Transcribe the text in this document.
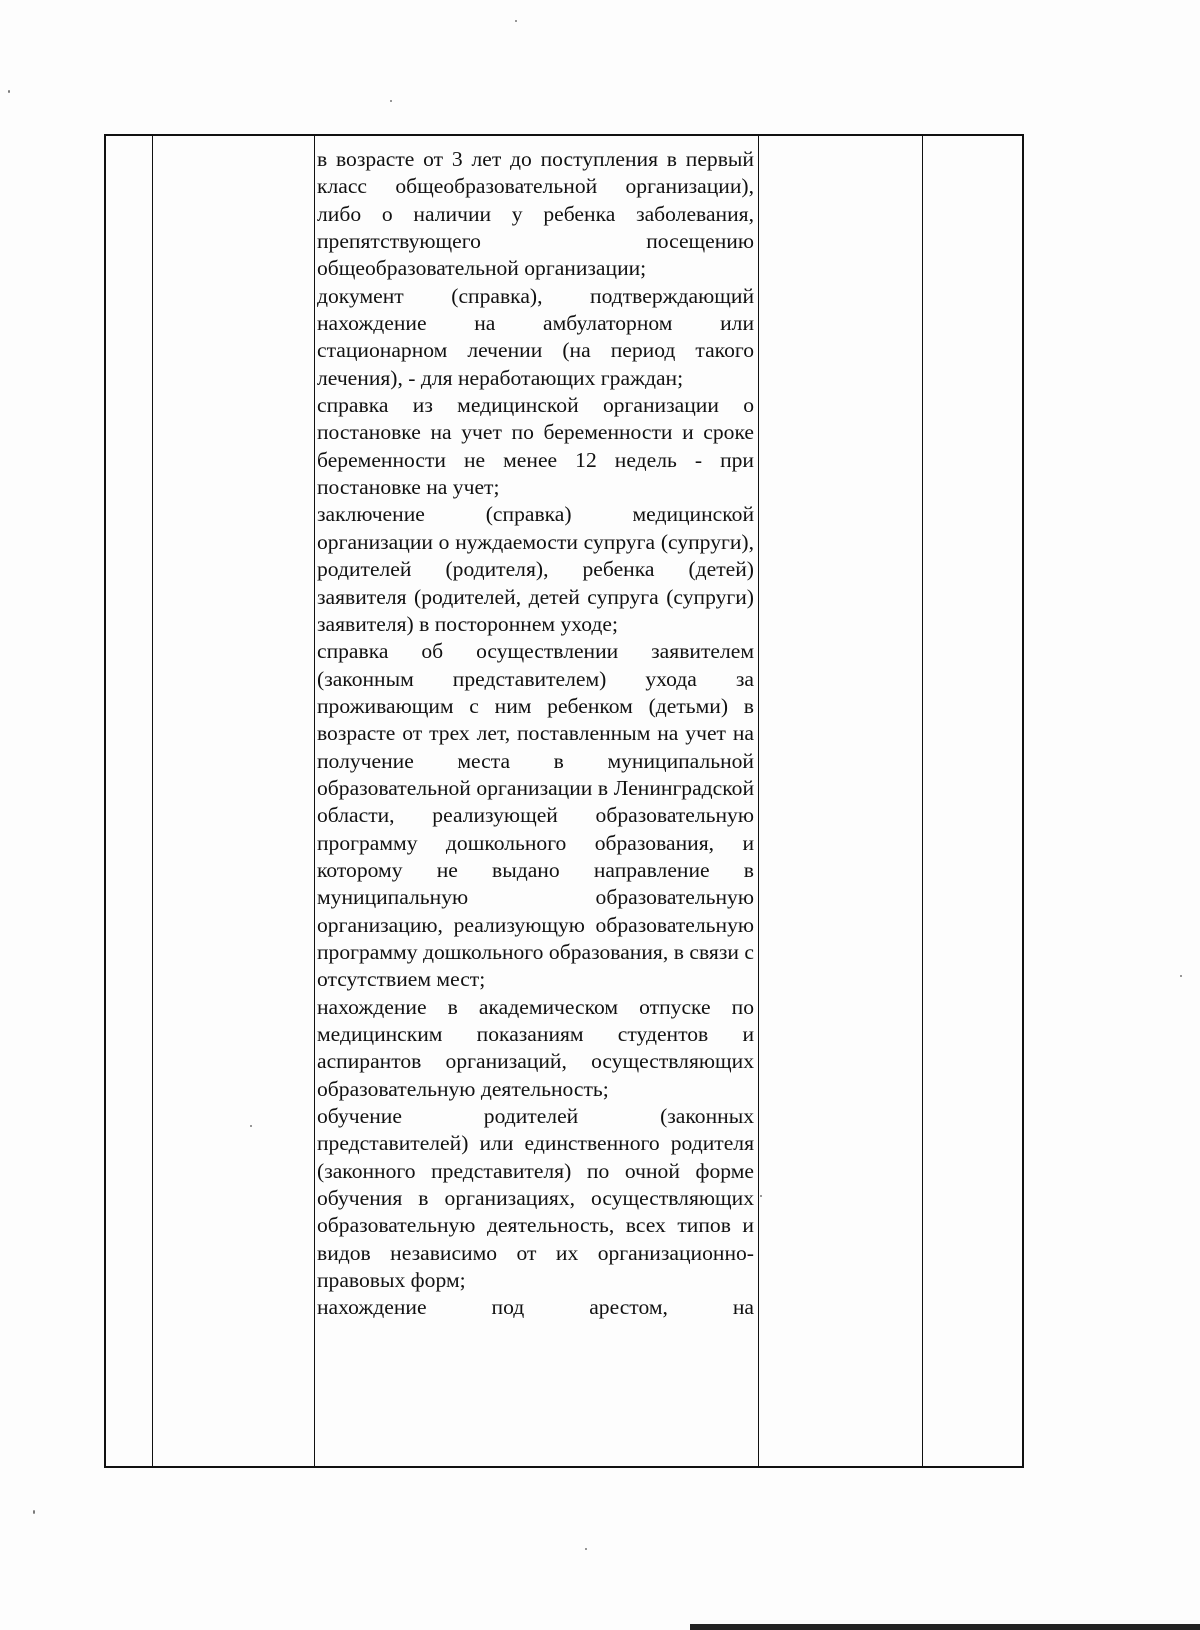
в возрасте от 3 лет до поступления в первый класс общеобразовательной организации), либо о наличии у ребенка заболевания, препятствующего посещению общеобразовательной организации;

документ (справка), подтверждающий нахождение на амбулаторном или стационарном лечении (на период такого лечения), - для неработающих граждан;

справка из медицинской организации о постановке на учет по беременности и сроке беременности не менее 12 недель - при постановке на учет;

заключение (справка) медицинской организации о нуждаемости супруга (супруги), родителей (родителя), ребенка (детей) заявителя (родителей, детей супруга (супруги) заявителя) в постороннем уходе;

справка об осуществлении заявителем (законным представителем) ухода за проживающим с ним ребенком (детьми) в возрасте от трех лет, поставленным на учет на получение места в муниципальной образовательной организации в Ленинградской области, реализующей образовательную программу дошкольного образования, и которому не выдано направление в муниципальную образовательную организацию, реализующую образовательную программу дошкольного образования, в связи с отсутствием мест;

нахождение в академическом отпуске по медицинским показаниям студентов и аспирантов организаций, осуществляющих образовательную деятельность;

обучение родителей (законных представителей) или единственного родителя (законного представителя) по очной форме обучения в организациях, осуществляющих образовательную деятельность, всех типов и видов независимо от их организационно-правовых форм;

нахождение под арестом, на
